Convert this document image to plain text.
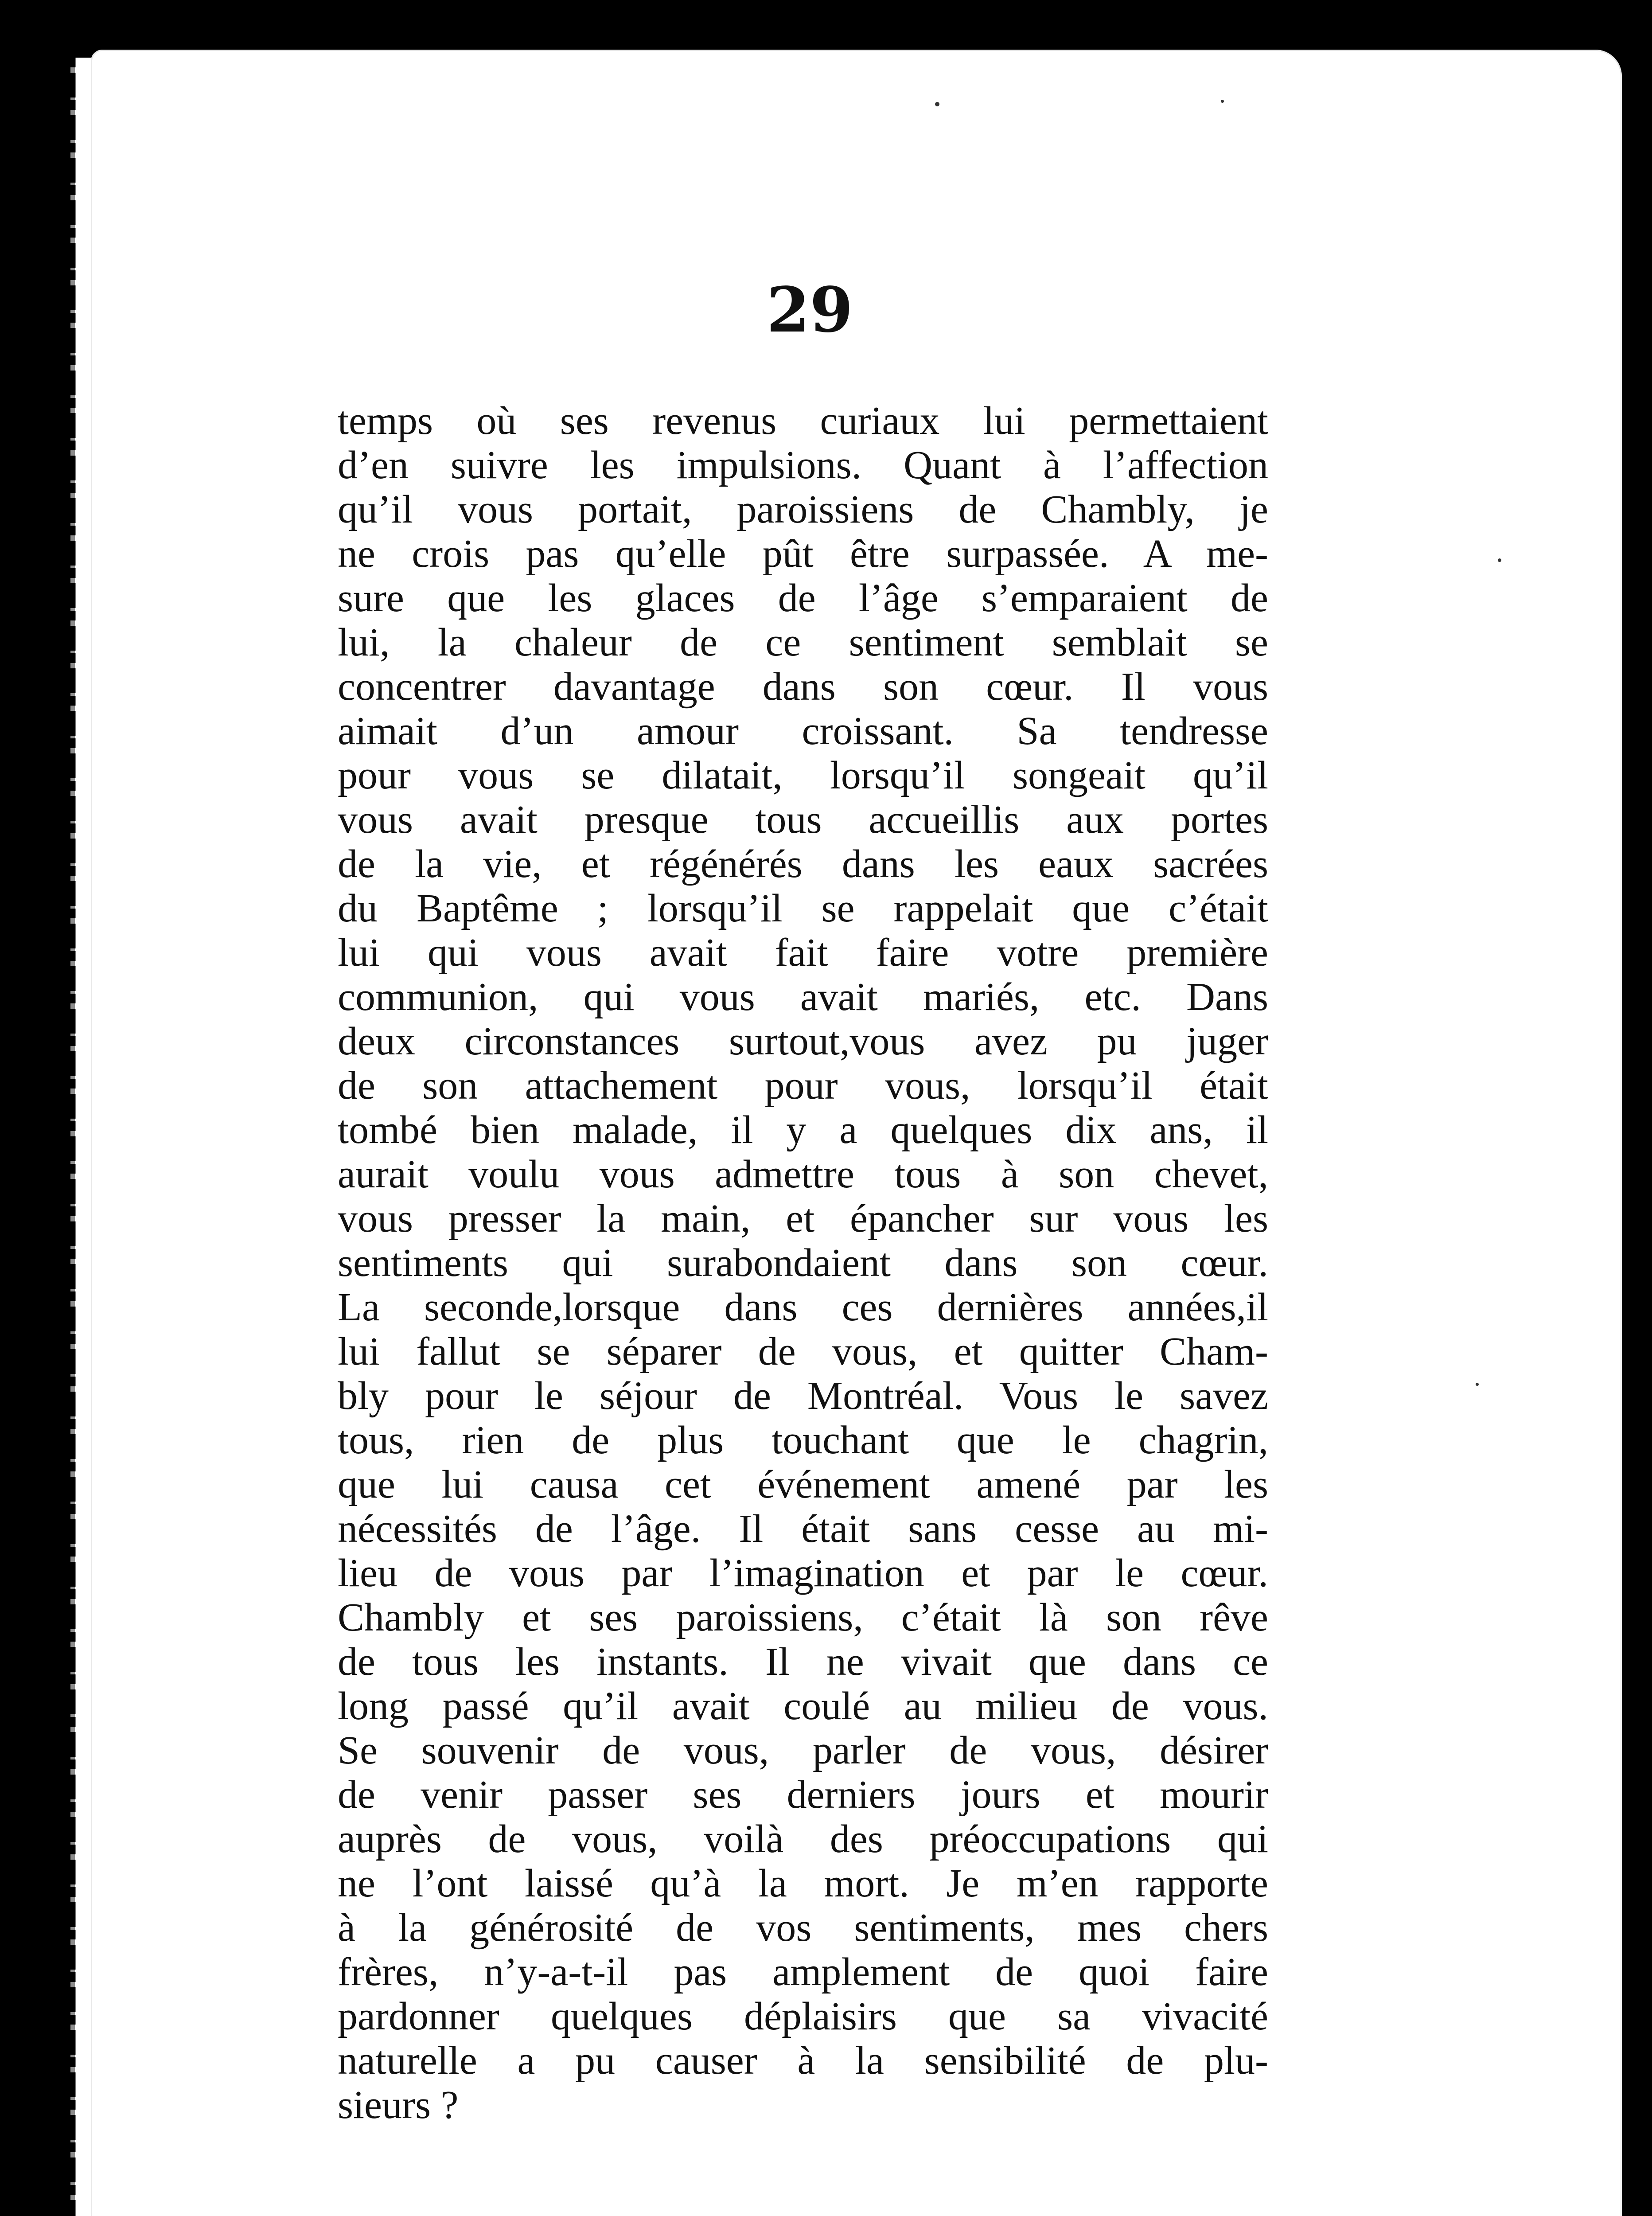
29
temps où ses revenus curiaux lui permettaient
d’en suivre les impulsions. Quant à l’affection
qu’il vous portait, paroissiens de Chambly, je
ne crois pas qu’elle pût être surpassée. A me-
sure que les glaces de l’âge s’emparaient de
lui, la chaleur de ce sentiment semblait se
concentrer davantage dans son cœur. Il vous
aimait d’un amour croissant. Sa tendresse
pour vous se dilatait, lorsqu’il songeait qu’il
vous avait presque tous accueillis aux portes
de la vie, et régénérés dans les eaux sacrées
du Baptême ; lorsqu’il se rappelait que c’était
lui qui vous avait fait faire votre première
communion, qui vous avait mariés, etc. Dans
deux circonstances surtout,vous avez pu juger
de son attachement pour vous, lorsqu’il était
tombé bien malade, il y a quelques dix ans, il
aurait voulu vous admettre tous à son chevet,
vous presser la main, et épancher sur vous les
sentiments qui surabondaient dans son cœur.
La seconde,lorsque dans ces dernières années,il
lui fallut se séparer de vous, et quitter Cham-
bly pour le séjour de Montréal. Vous le savez
tous, rien de plus touchant que le chagrin,
que lui causa cet événement amené par les
nécessités de l’âge. Il était sans cesse au mi-
lieu de vous par l’imagination et par le cœur.
Chambly et ses paroissiens, c’était là son rêve
de tous les instants. Il ne vivait que dans ce
long passé qu’il avait coulé au milieu de vous.
Se souvenir de vous, parler de vous, désirer
de venir passer ses derniers jours et mourir
auprès de vous, voilà des préoccupations qui
ne l’ont laissé qu’à la mort. Je m’en rapporte
à la générosité de vos sentiments, mes chers
frères, n’y-a-t-il pas amplement de quoi faire
pardonner quelques déplaisirs que sa vivacité
naturelle a pu causer à la sensibilité de plu-
sieurs ?
